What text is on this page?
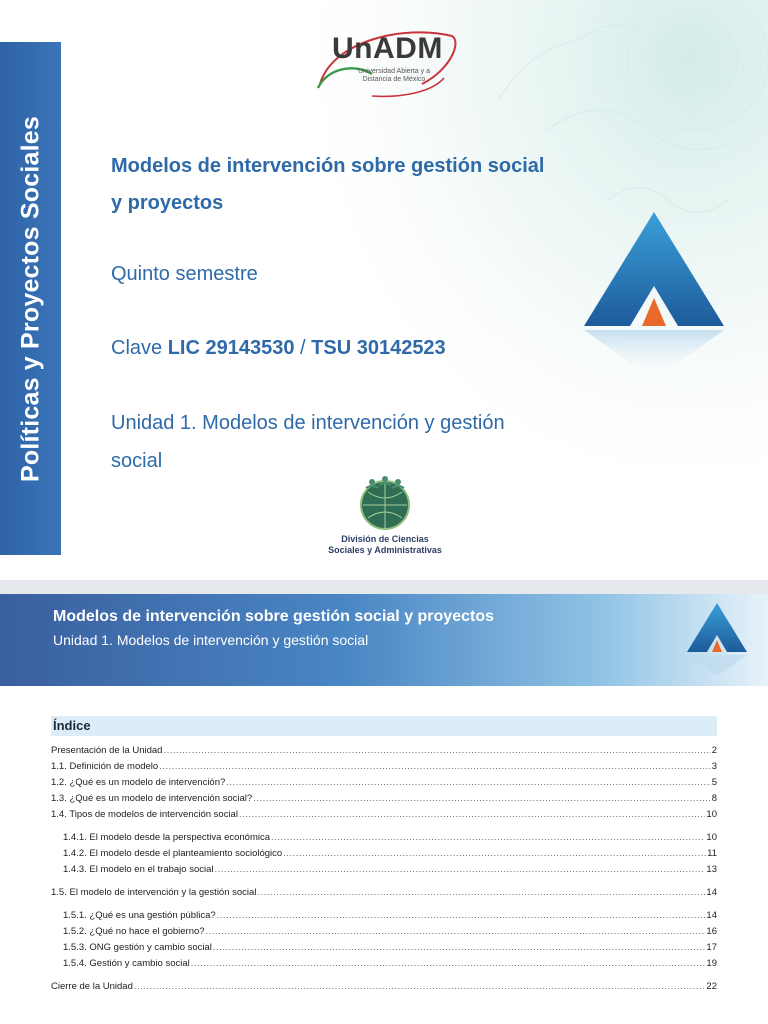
Políticas y Proyectos Sociales
UnADM
Universidad Abierta y a
Distancia de México
Modelos de intervención sobre gestión social y proyectos
Quinto semestre
Clave LIC 29143530 / TSU 30142523

Unidad 1. Modelos de intervención y gestión social

División de Ciencias
Sociales y Administrativas
Modelos de intervención sobre gestión social y proyectos
Unidad 1. Modelos de intervención y gestión social
Índice
Presentación de la Unidad .....	2
1.1. Definición de modelo .....	3
1.2. ¿Qué es un modelo de intervención? .....	5
1.3. ¿Qué es un modelo de intervención social? .....	8
1.4. Tipos de modelos de intervención social .....	10
1.4.1. El modelo desde la perspectiva económica .....	10
1.4.2. El modelo desde el planteamiento sociológico .....	11
1.4.3. El modelo en el trabajo social .....	13
1.5. El modelo de intervención y la gestión social .....	14
1.5.1. ¿Qué es una gestión pública? .....	14
1.5.2. ¿Qué no hace el gobierno? .....	16
1.5.3. ONG gestión y cambio social .....	17
1.5.4. Gestión y cambio social .....	19
Cierre de la Unidad .....	22
